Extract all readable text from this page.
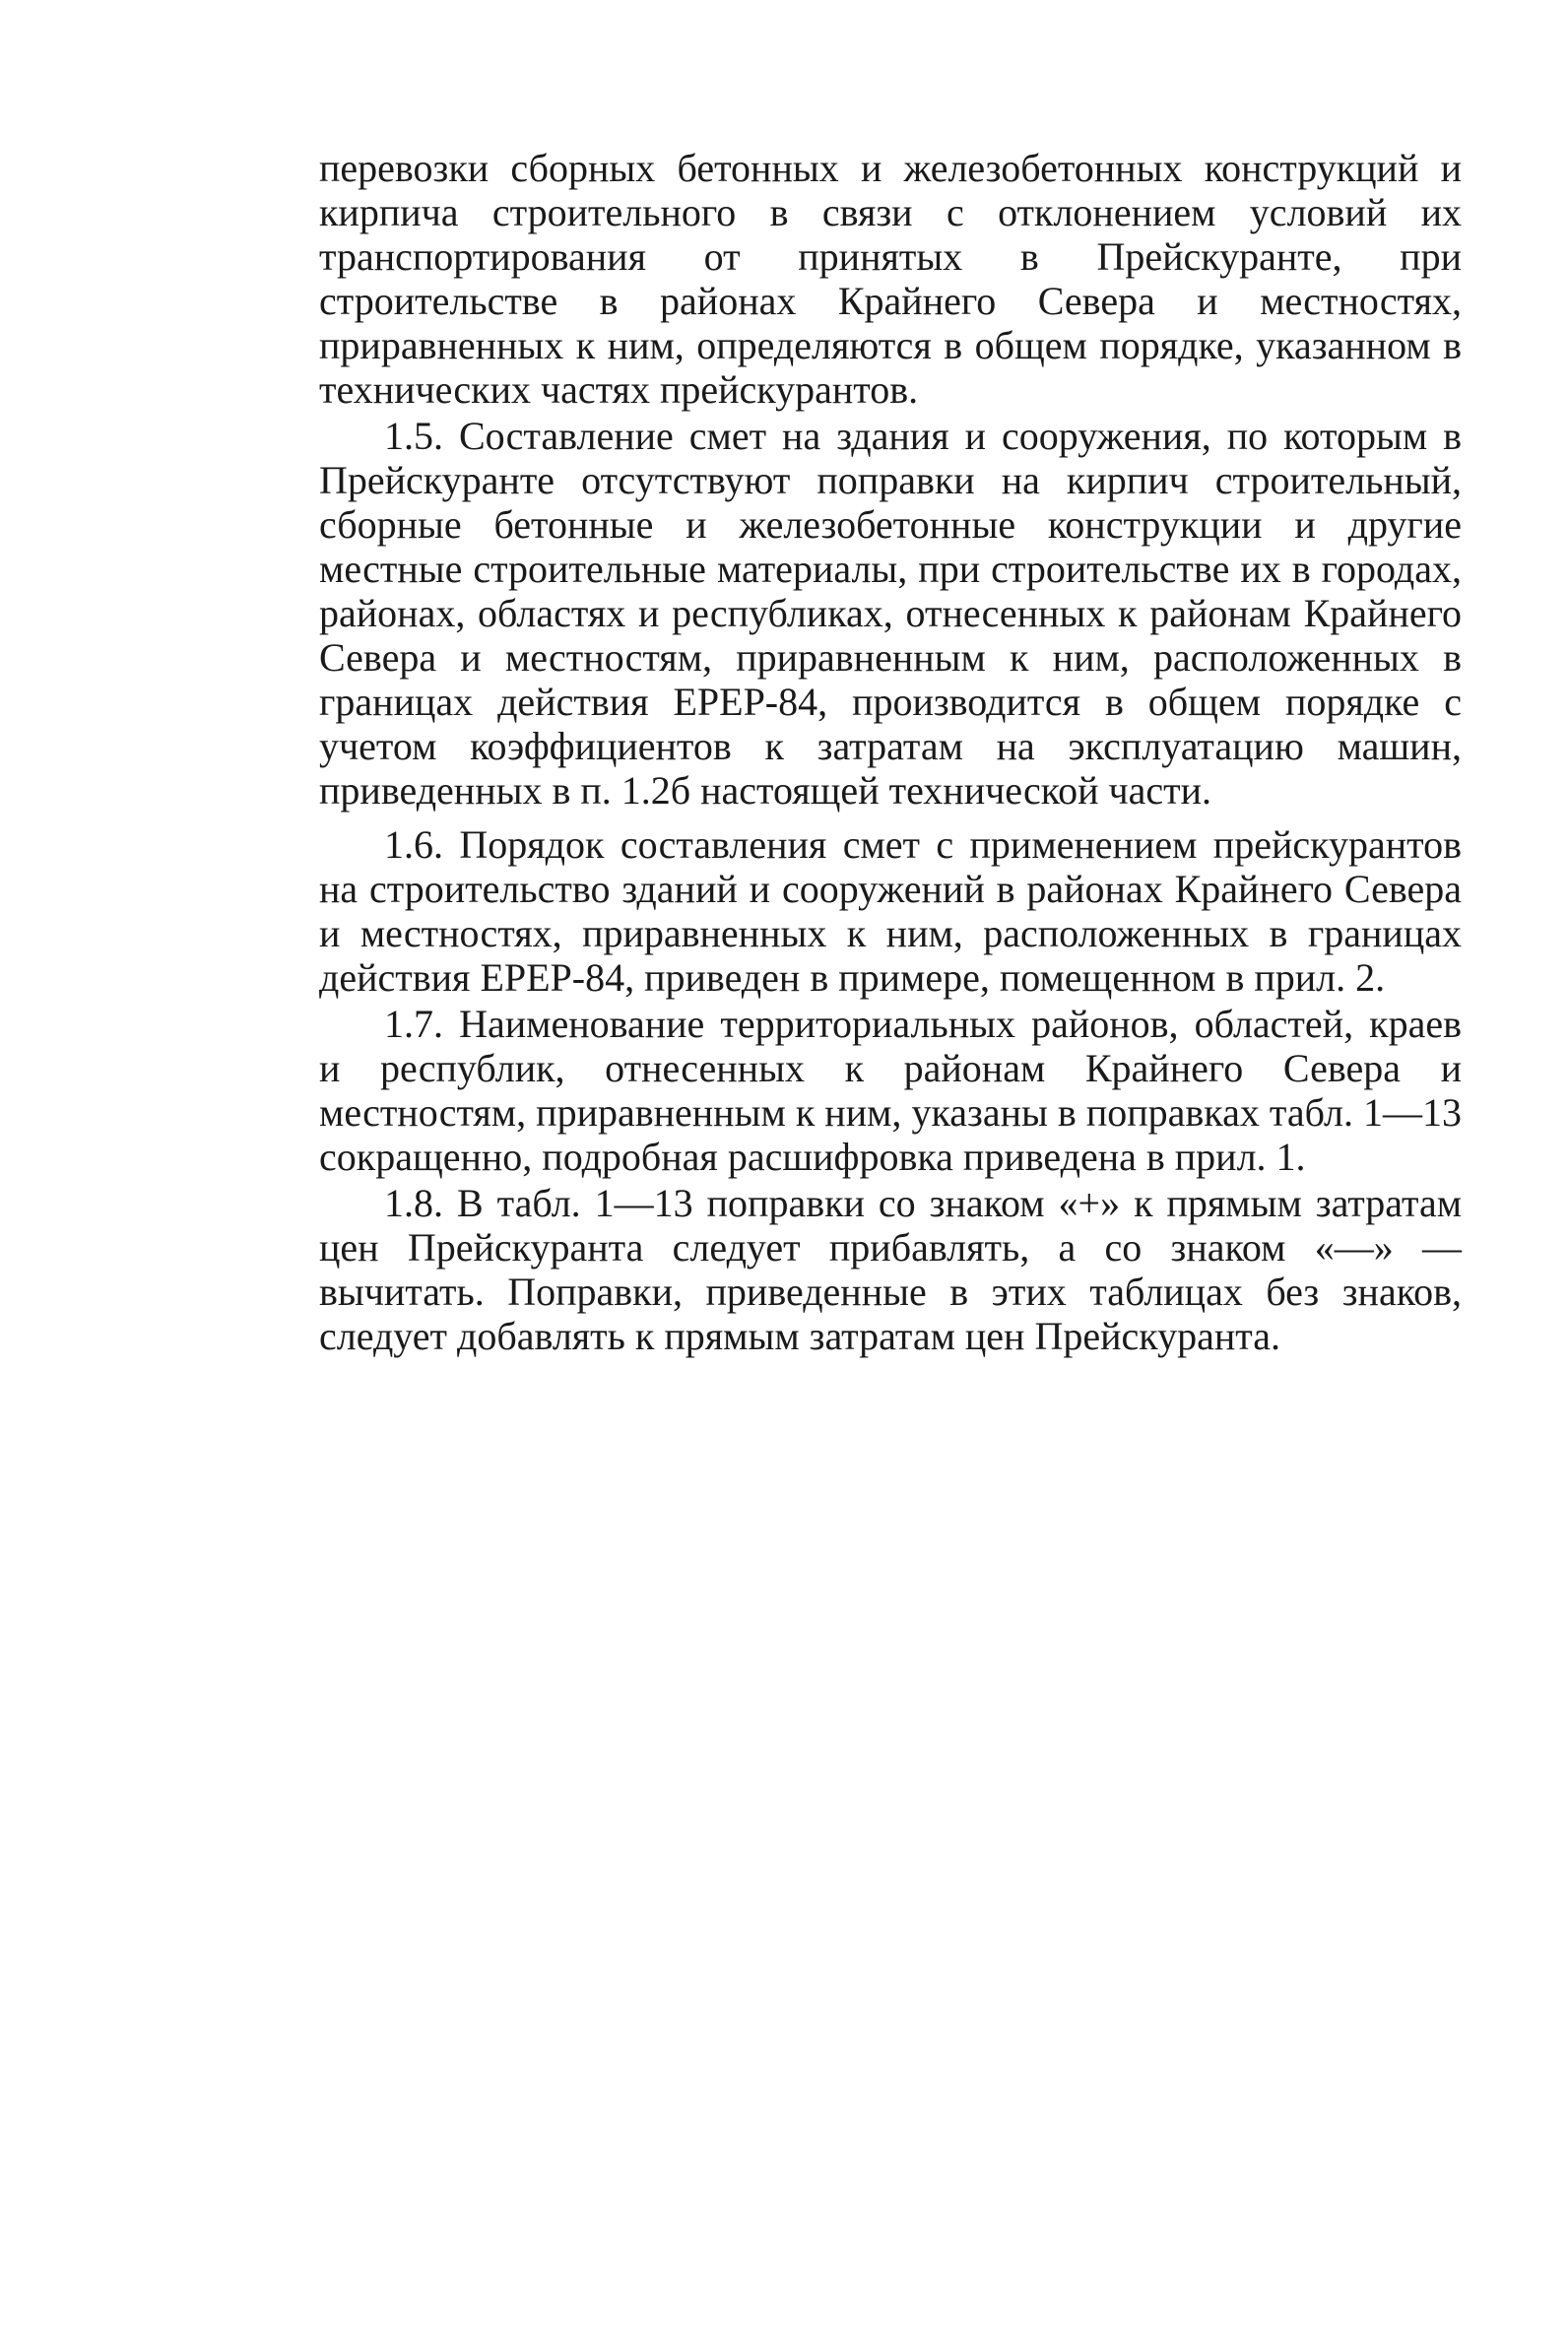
перевозки сборных бетонных и железобетонных конструкций и кирпича строительного в связи с отклонением условий их транспортирования от принятых в Прейскуранте, при строительстве в районах Крайнего Севера и местностях, приравненных к ним, определяются в общем порядке, указанном в технических частях прейскурантов.

1.5. Составление смет на здания и сооружения, по которым в Прейскуранте отсутствуют поправки на кирпич строительный, сборные бетонные и железобетонные конструкции и другие местные строительные материалы, при строительстве их в городах, районах, областях и республиках, отнесенных к районам Крайнего Севера и местностям, приравненным к ним, расположенных в границах действия ЕРЕР-84, производится в общем порядке с учетом коэффициентов к затратам на эксплуатацию машин, приведенных в п. 1.2б настоящей технической части.

1.6. Порядок составления смет с применением прейскурантов на строительство зданий и сооружений в районах Крайнего Севера и местностях, приравненных к ним, расположенных в границах действия ЕРЕР-84, приведен в примере, помещенном в прил. 2.

1.7. Наименование территориальных районов, областей, краев и республик, отнесенных к районам Крайнего Севера и местностям, приравненным к ним, указаны в поправках табл. 1—13 сокращенно, подробная расшифровка приведена в прил. 1.

1.8. В табл. 1—13 поправки со знаком «+» к прямым затратам цен Прейскуранта следует прибавлять, а со знаком «—» — вычитать. Поправки, приведенные в этих таблицах без знаков, следует добавлять к прямым затратам цен Прейскуранта.
